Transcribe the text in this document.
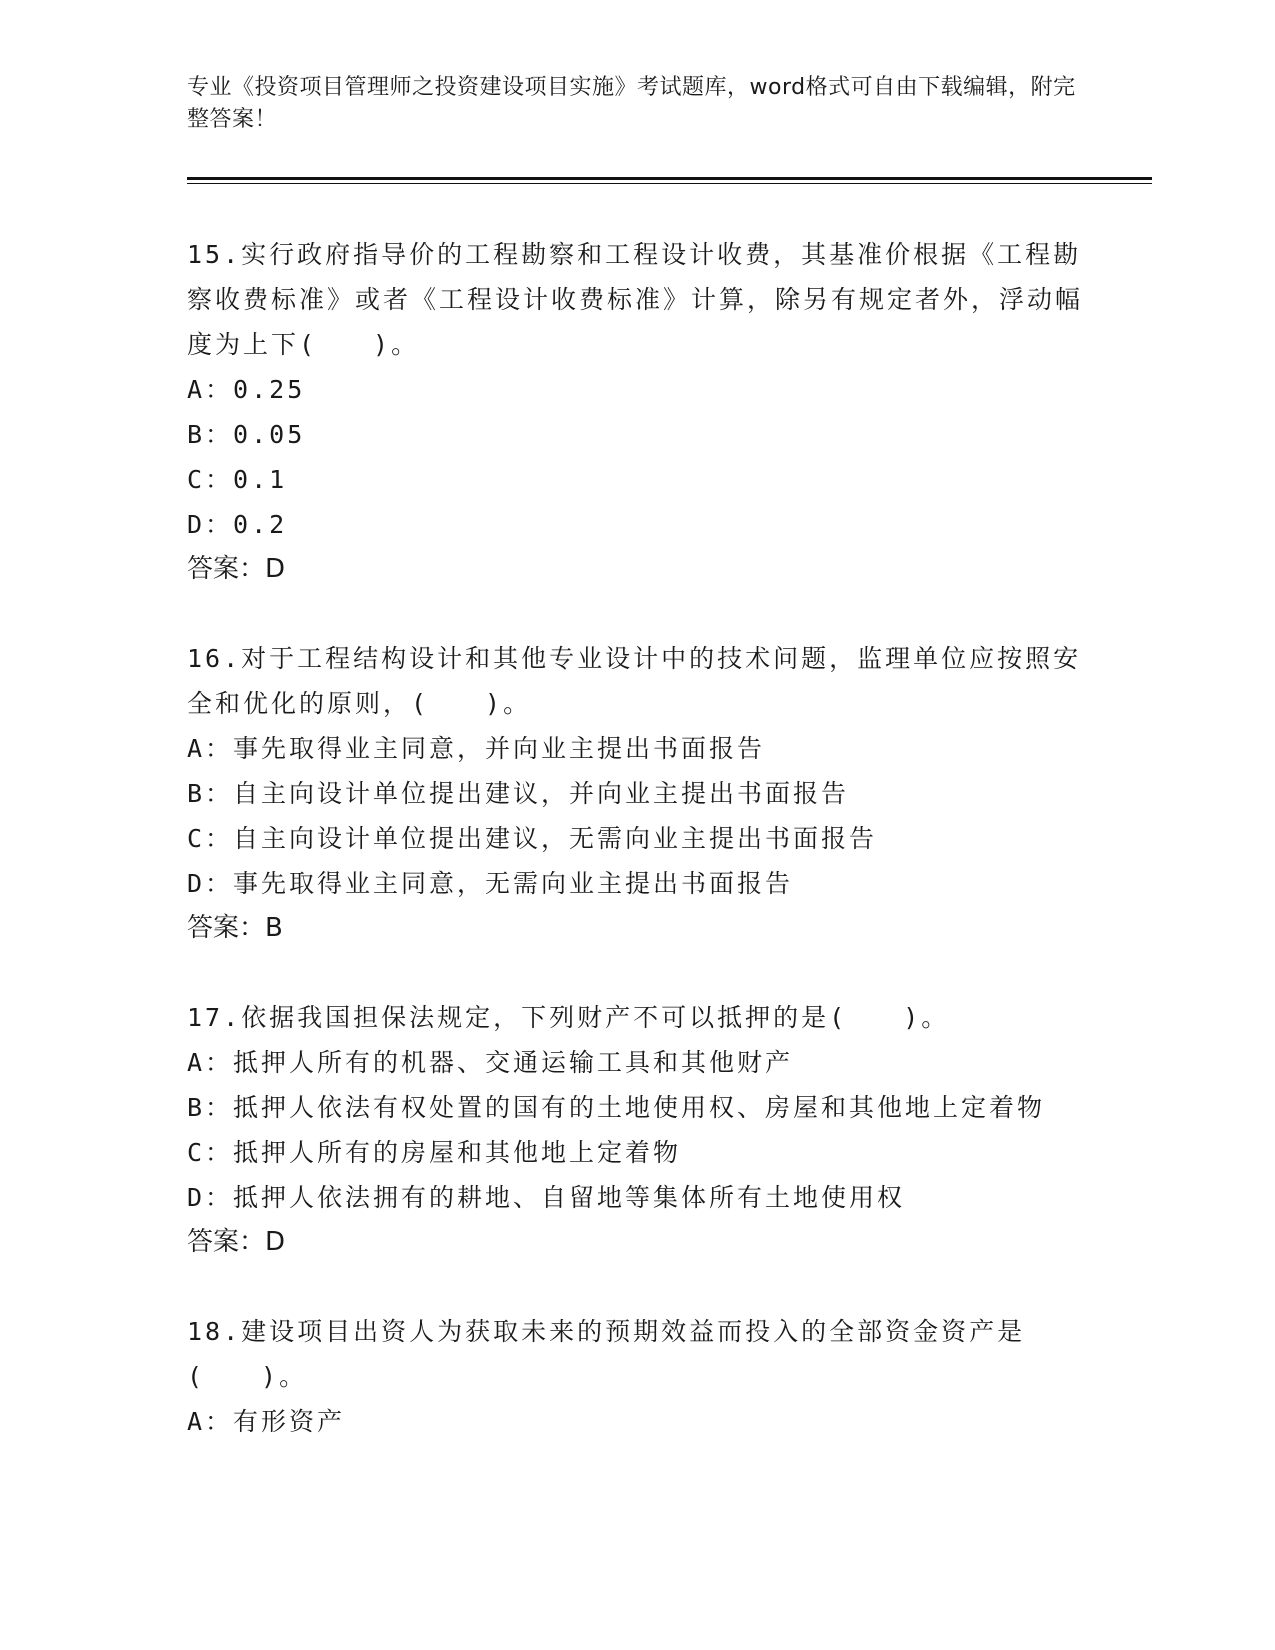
专业《投资项目管理师之投资建设项目实施》考试题库，word格式可自由下载编辑，附完整答案！

15.实行政府指导价的工程勘察和工程设计收费，其基准价根据《工程勘察收费标准》或者《工程设计收费标准》计算，除另有规定者外，浮动幅度为上下(　　)。

A：0.25

B：0.05

C：0.1

D：0.2

答案：D

16.对于工程结构设计和其他专业设计中的技术问题，监理单位应按照安全和优化的原则，(　　)。

A：事先取得业主同意，并向业主提出书面报告

B：自主向设计单位提出建议，并向业主提出书面报告

C：自主向设计单位提出建议，无需向业主提出书面报告

D：事先取得业主同意，无需向业主提出书面报告

答案：B

17.依据我国担保法规定，下列财产不可以抵押的是(　　)。

A：抵押人所有的机器、交通运输工具和其他财产

B：抵押人依法有权处置的国有的土地使用权、房屋和其他地上定着物

C：抵押人所有的房屋和其他地上定着物

D：抵押人依法拥有的耕地、自留地等集体所有土地使用权

答案：D

18.建设项目出资人为获取未来的预期效益而投入的全部资金资产是(　　)。

A：有形资产
